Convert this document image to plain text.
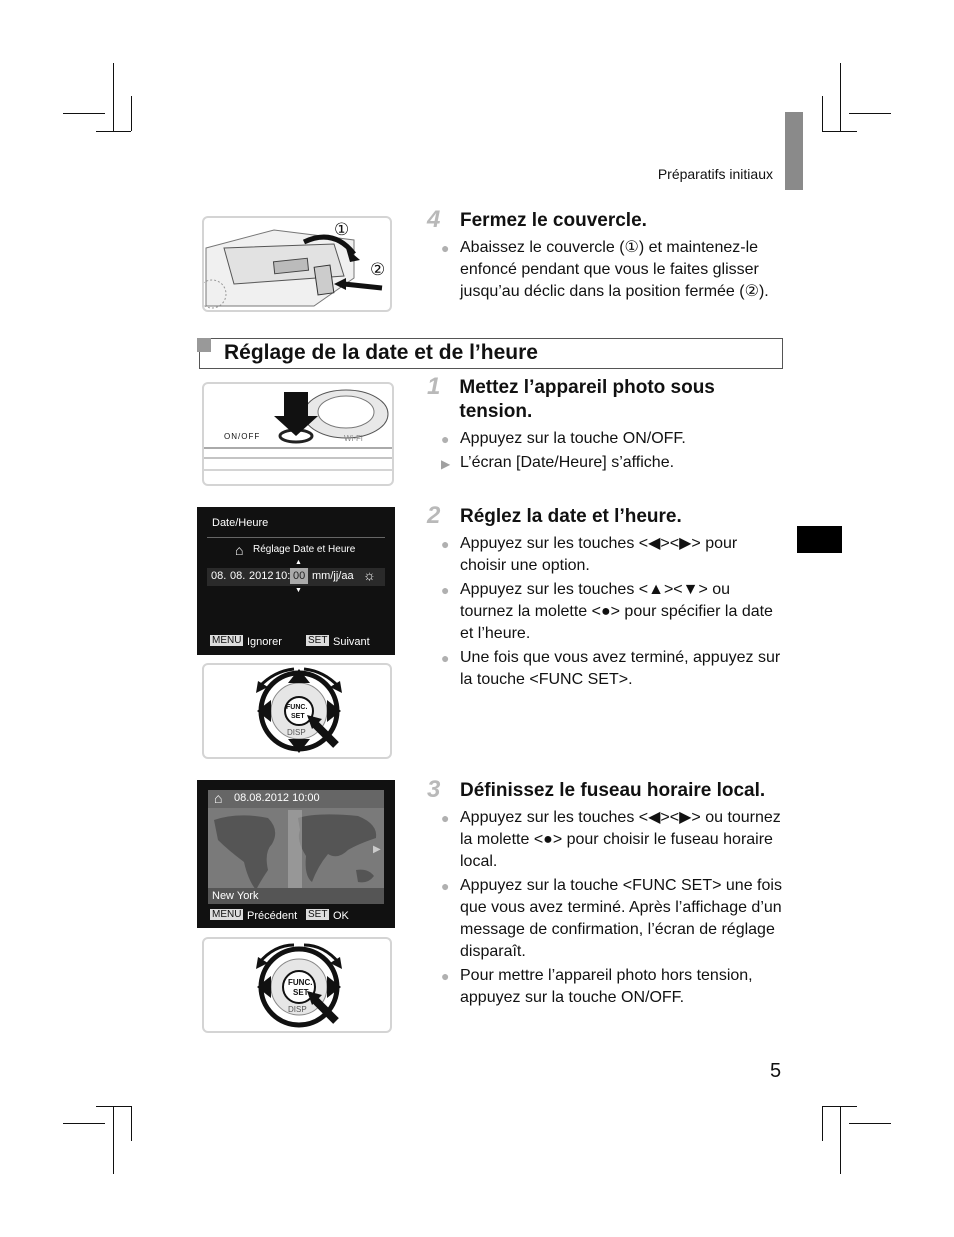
Préparatifs initiaux
①
②
4	Fermez le couvercle.
● Abaissez le couvercle (①) et maintenez-le enfoncé pendant que vous le faites glisser jusqu’au déclic dans la position fermée (②).
Réglage de la date et de l’heure
ON/OFF	Wi-Fi
1	Mettez l’appareil photo sous tension.
● Appuyez sur la touche ON/OFF.
▶ L’écran [Date/Heure] s’affiche.
Date/Heure
⌂ Réglage Date et Heure
08. 08. 2012 10: 00
▲
▼
mm/jj/aa ☼
MENU Ignorer	SET Suivant
FUNC.
SET
DISP
2	Réglez la date et l’heure.
● Appuyez sur les touches <◀><▶> pour choisir une option.
● Appuyez sur les touches <▲><▼> ou tournez la molette <●> pour spécifier la date et l’heure.
● Une fois que vous avez terminé, appuyez sur la touche <FUNC SET>.
⌂ 08.08.2012 10:00
▶
New York
MENU Précédent SET OK
FUNC.
SET
DISP
3	Définissez le fuseau horaire local.
● Appuyez sur les touches <◀><▶> ou tournez la molette <●> pour choisir le fuseau horaire local.
● Appuyez sur la touche <FUNC SET> une fois que vous avez terminé. Après l’affichage d’un message de confirmation, l’écran de réglage disparaît.
● Pour mettre l’appareil photo hors tension, appuyez sur la touche ON/OFF.
5
